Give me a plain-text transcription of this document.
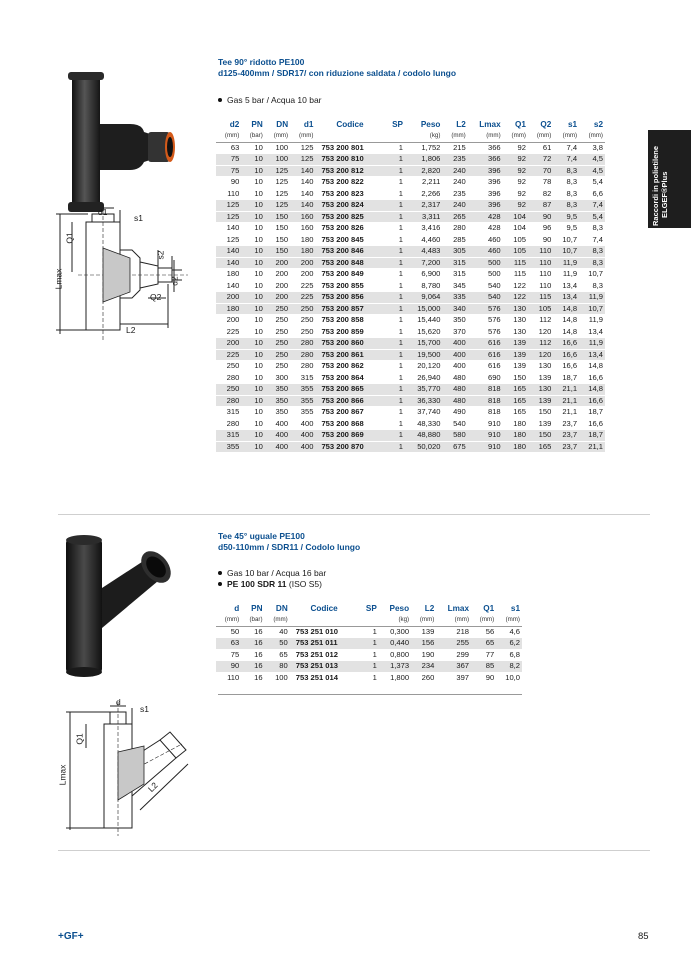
Tee 90° ridotto PE100
d125-400mm / SDR17/ con riduzione saldata / codolo lungo
Gas 5 bar / Acqua 10 bar
d2	PN	DN	d1	Codice	SP	Peso	L2	Lmax	Q1	Q2	s1	s2
(mm)	(bar)	(mm)	(mm)			(kg)	(mm)	(mm)	(mm)	(mm)	(mm)	(mm)
63	10	100	125	753 200 801	1	1,752	215	366	92	61	7,4	3,8
75	10	100	125	753 200 810	1	1,806	235	366	92	72	7,4	4,5
75	10	125	140	753 200 812	1	2,820	240	396	92	70	8,3	4,5
90	10	125	140	753 200 822	1	2,211	240	396	92	78	8,3	5,4
110	10	125	140	753 200 823	1	2,266	235	396	92	82	8,3	6,6
125	10	125	140	753 200 824	1	2,317	240	396	92	87	8,3	7,4
125	10	150	160	753 200 825	1	3,311	265	428	104	90	9,5	5,4
140	10	150	160	753 200 826	1	3,416	280	428	104	96	9,5	8,3
125	10	150	180	753 200 845	1	4,460	285	460	105	90	10,7	7,4
140	10	150	180	753 200 846	1	4,483	305	460	105	110	10,7	8,3
140	10	200	200	753 200 848	1	7,200	315	500	115	110	11,9	8,3
180	10	200	200	753 200 849	1	6,900	315	500	115	110	11,9	10,7
140	10	200	225	753 200 855	1	8,780	345	540	122	110	13,4	8,3
200	10	200	225	753 200 856	1	9,064	335	540	122	115	13,4	11,9
180	10	250	250	753 200 857	1	15,000	340	576	130	105	14,8	10,7
200	10	250	250	753 200 858	1	15,440	350	576	130	112	14,8	11,9
225	10	250	250	753 200 859	1	15,620	370	576	130	120	14,8	13,4
200	10	250	280	753 200 860	1	15,700	400	616	139	112	16,6	11,9
225	10	250	280	753 200 861	1	19,500	400	616	139	120	16,6	13,4
250	10	250	280	753 200 862	1	20,120	400	616	139	130	16,6	14,8
280	10	300	315	753 200 864	1	26,940	480	690	150	139	18,7	16,6
250	10	350	355	753 200 865	1	35,770	480	818	165	130	21,1	14,8
280	10	350	355	753 200 866	1	36,330	480	818	165	139	21,1	16,6
315	10	350	355	753 200 867	1	37,740	490	818	165	150	21,1	18,7
280	10	400	400	753 200 868	1	48,330	540	910	180	139	23,7	16,6
315	10	400	400	753 200 869	1	48,880	580	910	180	150	23,7	18,7
355	10	400	400	753 200 870	1	50,020	675	910	180	165	23,7	21,1
d1
s1
Q1
s2
d2
Q2
L2
Lmax
Tee 45° uguale PE100
d50-110mm / SDR11 / Codolo lungo
Gas 10 bar / Acqua 16 bar
PE 100 SDR 11 (ISO S5)
d	PN	DN	Codice	SP	Peso	L2	Lmax	Q1	s1
(mm)	(bar)	(mm)			(kg)	(mm)	(mm)	(mm)	(mm)
50	16	40	753 251 010	1	0,300	139	218	56	4,6
63	16	50	753 251 011	1	0,440	156	255	65	6,2
75	16	65	753 251 012	1	0,800	190	299	77	6,8
90	16	80	753 251 013	1	1,373	234	367	85	8,2
110	16	100	753 251 014	1	1,800	260	397	90	10,0
d
s1
Q1
Lmax
L2
Raccordi in polietilene ELGEF®Plus
+GF+	85
